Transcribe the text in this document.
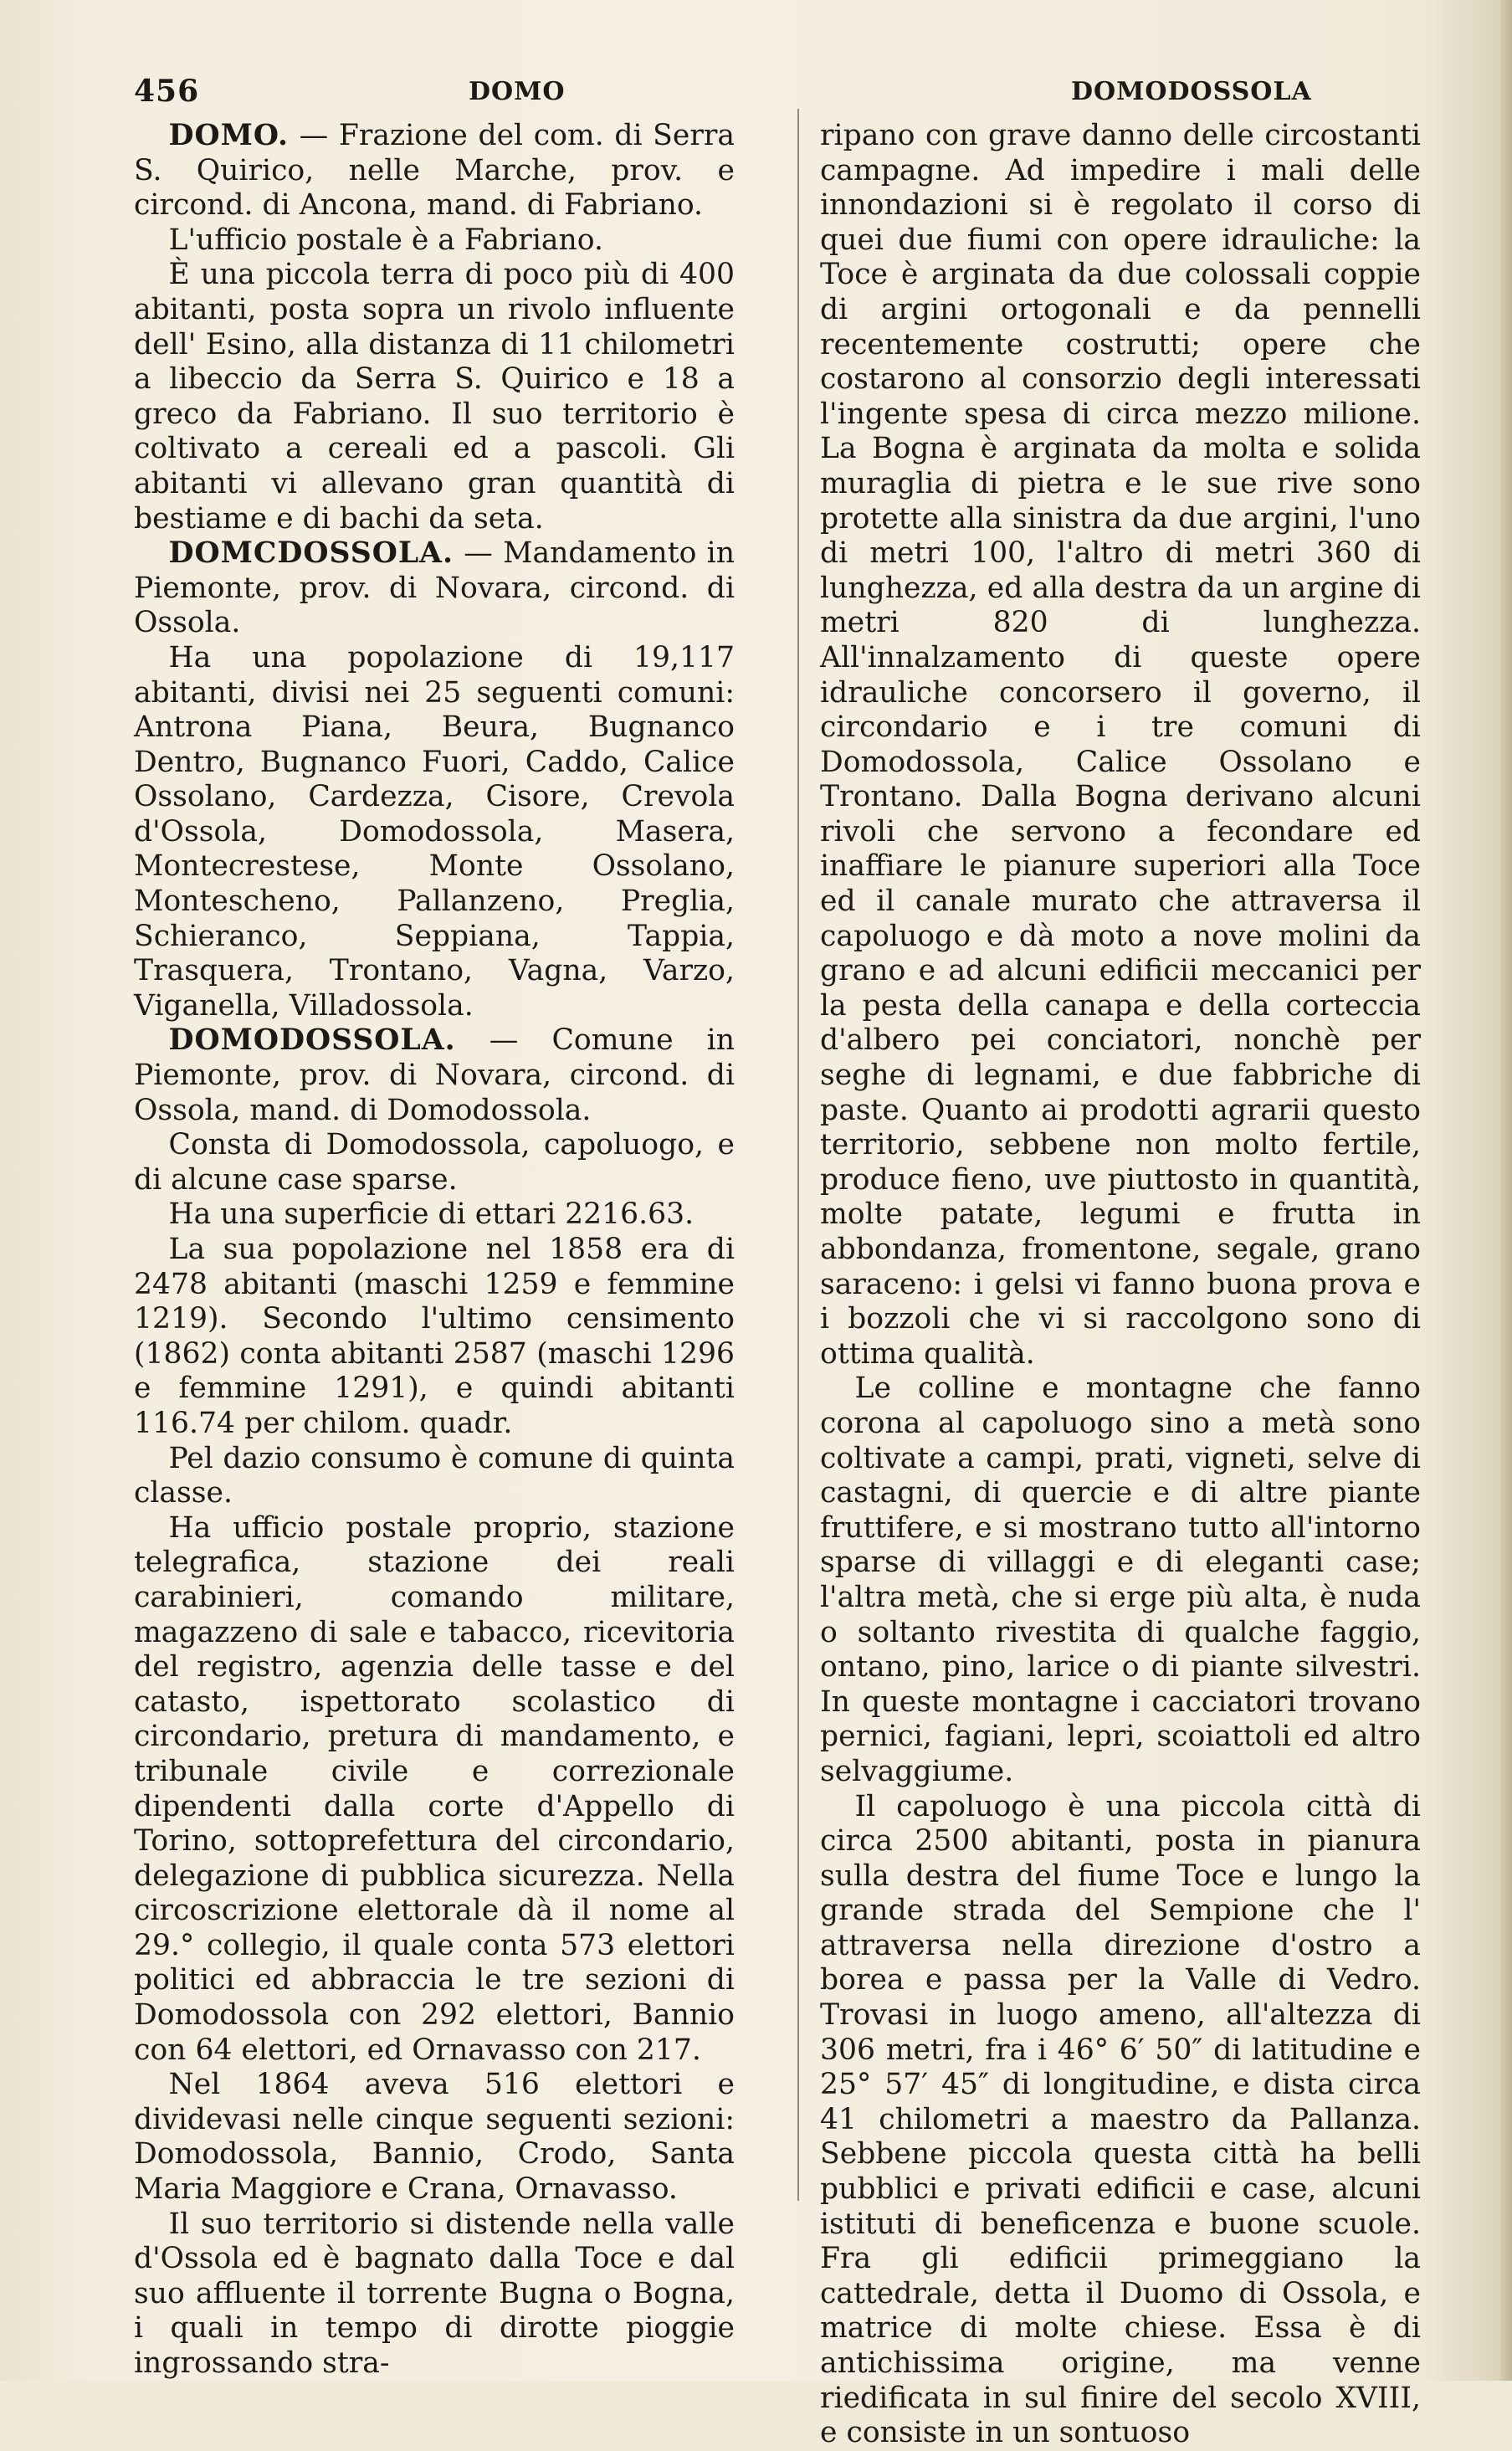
456	DOMO	DOMODOSSOLA

DOMO. — Frazione del com. di Serra S. Quirico, nelle Marche, prov. e circond. di Ancona, mand. di Fabriano.

L'ufficio postale è a Fabriano.

È una piccola terra di poco più di 400 abitanti, posta sopra un rivolo influente dell' Esino, alla distanza di 11 chilometri a libeccio da Serra S. Quirico e 18 a greco da Fabriano. Il suo territorio è coltivato a cereali ed a pascoli. Gli abitanti vi allevano gran quantità di bestiame e di bachi da seta.

DOMCDOSSOLA. — Mandamento in Piemonte, prov. di Novara, circond. di Ossola.

Ha una popolazione di 19,117 abitanti, divisi nei 25 seguenti comuni: Antrona Piana, Beura, Bugnanco Dentro, Bugnanco Fuori, Caddo, Calice Ossolano, Cardezza, Cisore, Crevola d'Ossola, Domodossola, Masera, Montecrestese, Monte Ossolano, Montescheno, Pallanzeno, Preglia, Schieranco, Seppiana, Tappia, Trasquera, Trontano, Vagna, Varzo, Viganella, Villadossola.

DOMODOSSOLA. — Comune in Piemonte, prov. di Novara, circond. di Ossola, mand. di Domodossola.

Consta di Domodossola, capoluogo, e di alcune case sparse.

Ha una superficie di ettari 2216.63.

La sua popolazione nel 1858 era di 2478 abitanti (maschi 1259 e femmine 1219). Secondo l'ultimo censimento (1862) conta abitanti 2587 (maschi 1296 e femmine 1291), e quindi abitanti 116.74 per chilom. quadr.

Pel dazio consumo è comune di quinta classe.

Ha ufficio postale proprio, stazione telegrafica, stazione dei reali carabinieri, comando militare, magazzeno di sale e tabacco, ricevitoria del registro, agenzia delle tasse e del catasto, ispettorato scolastico di circondario, pretura di mandamento, e tribunale civile e correzionale dipendenti dalla corte d'Appello di Torino, sottoprefettura del circondario, delegazione di pubblica sicurezza. Nella circoscrizione elettorale dà il nome al 29.° collegio, il quale conta 573 elettori politici ed abbraccia le tre sezioni di Domodossola con 292 elettori, Bannio con 64 elettori, ed Ornavasso con 217.

Nel 1864 aveva 516 elettori e dividevasi nelle cinque seguenti sezioni: Domodossola, Bannio, Crodo, Santa Maria Maggiore e Crana, Ornavasso.

Il suo territorio si distende nella valle d'Ossola ed è bagnato dalla Toce e dal suo affluente il torrente Bugna o Bogna, i quali in tempo di dirotte pioggie ingrossando stra-

ripano con grave danno delle circostanti campagne. Ad impedire i mali delle innondazioni si è regolato il corso di quei due fiumi con opere idrauliche: la Toce è arginata da due colossali coppie di argini ortogonali e da pennelli recentemente costrutti; opere che costarono al consorzio degli interessati l'ingente spesa di circa mezzo milione. La Bogna è arginata da molta e solida muraglia di pietra e le sue rive sono protette alla sinistra da due argini, l'uno di metri 100, l'altro di metri 360 di lunghezza, ed alla destra da un argine di metri 820 di lunghezza. All'innalzamento di queste opere idrauliche concorsero il governo, il circondario e i tre comuni di Domodossola, Calice Ossolano e Trontano. Dalla Bogna derivano alcuni rivoli che servono a fecondare ed inaffiare le pianure superiori alla Toce ed il canale murato che attraversa il capoluogo e dà moto a nove molini da grano e ad alcuni edificii meccanici per la pesta della canapa e della corteccia d'albero pei conciatori, nonchè per seghe di legnami, e due fabbriche di paste. Quanto ai prodotti agrarii questo territorio, sebbene non molto fertile, produce fieno, uve piuttosto in quantità, molte patate, legumi e frutta in abbondanza, fromentone, segale, grano saraceno: i gelsi vi fanno buona prova e i bozzoli che vi si raccolgono sono di ottima qualità.

Le colline e montagne che fanno corona al capoluogo sino a metà sono coltivate a campi, prati, vigneti, selve di castagni, di quercie e di altre piante fruttifere, e si mostrano tutto all'intorno sparse di villaggi e di eleganti case; l'altra metà, che si erge più alta, è nuda o soltanto rivestita di qualche faggio, ontano, pino, larice o di piante silvestri. In queste montagne i cacciatori trovano pernici, fagiani, lepri, scoiattoli ed altro selvaggiume.

Il capoluogo è una piccola città di circa 2500 abitanti, posta in pianura sulla destra del fiume Toce e lungo la grande strada del Sempione che l' attraversa nella direzione d'ostro a borea e passa per la Valle di Vedro. Trovasi in luogo ameno, all'altezza di 306 metri, fra i 46° 6′ 50″ di latitudine e 25° 57′ 45″ di longitudine, e dista circa 41 chilometri a maestro da Pallanza. Sebbene piccola questa città ha belli pubblici e privati edificii e case, alcuni istituti di beneficenza e buone scuole. Fra gli edificii primeggiano la cattedrale, detta il Duomo di Ossola, e matrice di molte chiese. Essa è di antichissima origine, ma venne riedificata in sul finire del secolo XVIII, e consiste in un sontuoso
